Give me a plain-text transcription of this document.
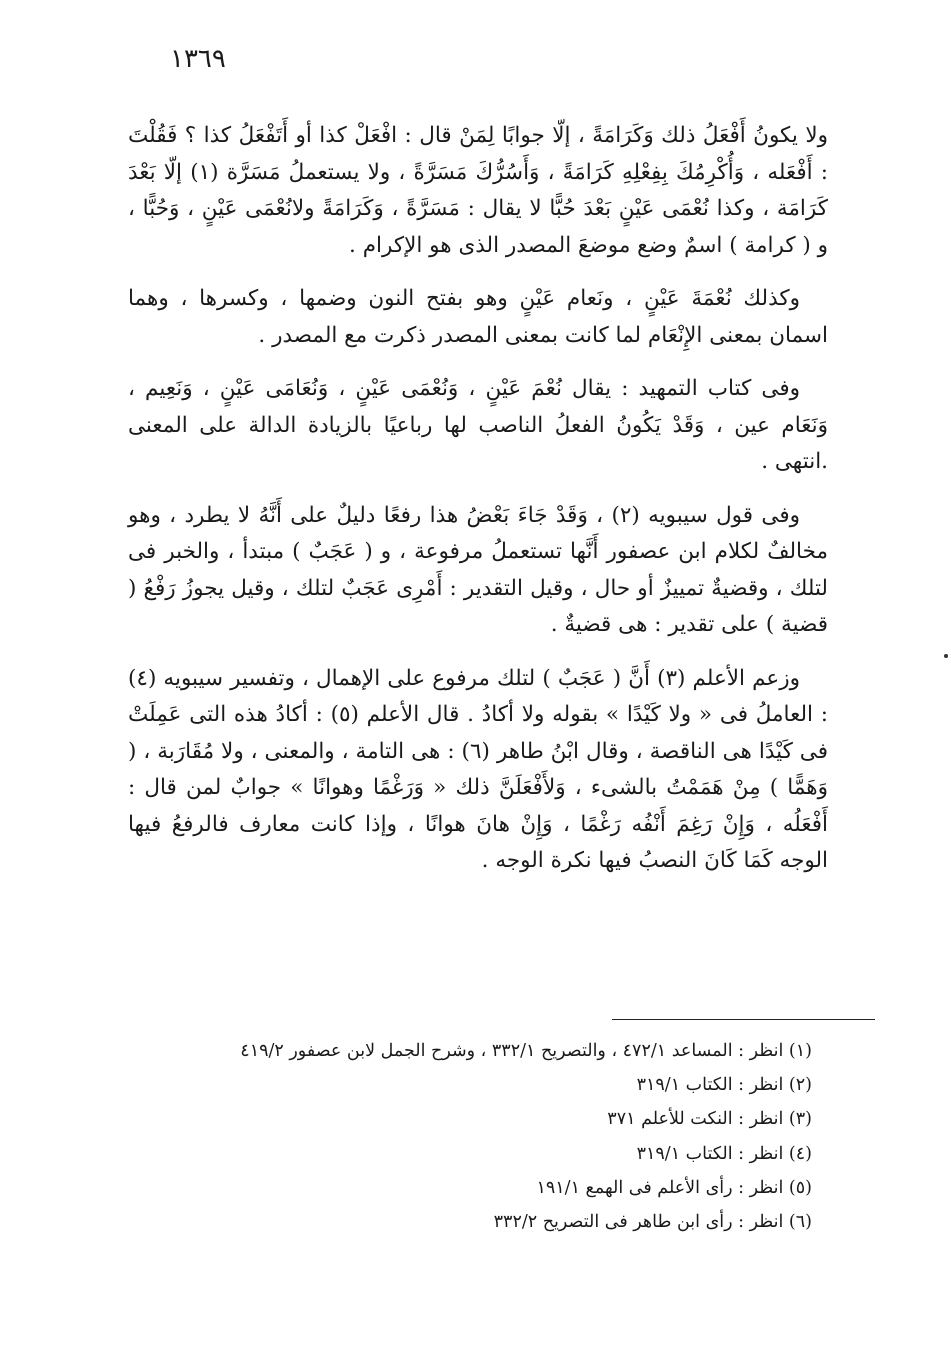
١٣٦٩

ولا يكونُ أَفْعَلُ ذلك وَكَرَامَةً ، إلّا جوابًا لِمَنْ قال : افْعَلْ كذا أو أَتَفْعَلُ كذا ؟ فَقُلْتَ : أَفْعَله ، وَأُكْرِمُكَ بِفِعْلِهِ كَرَامَةً ، وَأَسُرُّكَ مَسَرَّةً ، ولا يستعملُ مَسَرَّة (١) إلّا بَعْدَ كَرَامَة ، وكذا نُعْمَى عَيْنٍ بَعْدَ حُبًّا لا يقال : مَسَرَّةً ، وَكَرَامَةً ولانُعْمَى عَيْنٍ ، وَحُبًّا ، و ( كرامة ) اسمٌ وضع موضعَ المصدر الذى هو الإكرام .

وكذلك نُعْمَةَ عَيْنٍ ، ونَعام عَيْنٍ وهو بفتح النون وضمها ، وكسرها ، وهما اسمان بمعنى الإِنْعَام لما كانت بمعنى المصدر ذكرت مع المصدر .

وفى كتاب التمهيد : يقال نُعْمَ عَيْنٍ ، وَنُعْمَى عَيْنٍ ، وَنُعَامَى عَيْنٍ ، وَنَعِيم ، وَنَعَام عين ، وَقَدْ يَكُونُ الفعلُ الناصب لها رباعيًا بالزيادة الدالة على المعنى .انتهى .

وفى قول سيبويه (٢) ، وَقَدْ جَاءَ بَعْضُ هذا رفعًا دليلٌ على أَنَّهُ لا يطرد ، وهو مخالفٌ لكلام ابن عصفور أَنَّها تستعملُ مرفوعة ، و ( عَجَبٌ ) مبتدأ ، والخبر فى لتلك ، وقضيةٌ تمييزٌ أو حال ، وقيل التقدير : أَمْرِى عَجَبٌ لتلك ، وقيل يجوزُ رَفْعُ ( قضية ) على تقدير : هى قضيةٌ .

وزعم الأعلم (٣) أَنَّ ( عَجَبٌ ) لتلك مرفوع على الإهمال ، وتفسير سيبويه (٤) : العاملُ فى « ولا كَيْدًا » بقوله ولا أكادُ . قال الأعلم (٥) : أكادُ هذه التى عَمِلَتْ فى كَيْدًا هى الناقصة ، وقال ابْنُ طاهر (٦) : هى التامة ، والمعنى ، ولا مُقَارَبة ، ( وَهَمًّا ) مِنْ هَمَمْتُ بالشىء ، وَلأَفْعَلَنَّ ذلك « وَرَغْمًا وهوانًا » جوابٌ لمن قال : أَفْعَلُه ، وَإِنْ رَغِمَ أَنْفُه رَغْمًا ، وَإِنْ هانَ هوانًا ، وإذا كانت معارف فالرفعُ فيها الوجه كَمَا كَانَ النصبُ فيها نكرة الوجه .

(١) انظر : المساعد ٤٧٢/١ ، والتصريح ٣٣٢/١ ، وشرح الجمل لابن عصفور ٤١٩/٢
(٢) انظر : الكتاب ٣١٩/١
(٣) انظر : النكت للأعلم ٣٧١
(٤) انظر : الكتاب ٣١٩/١
(٥) انظر : رأى الأعلم فى الهمع ١٩١/١
(٦) انظر : رأى ابن طاهر فى التصريح ٣٣٢/٢
